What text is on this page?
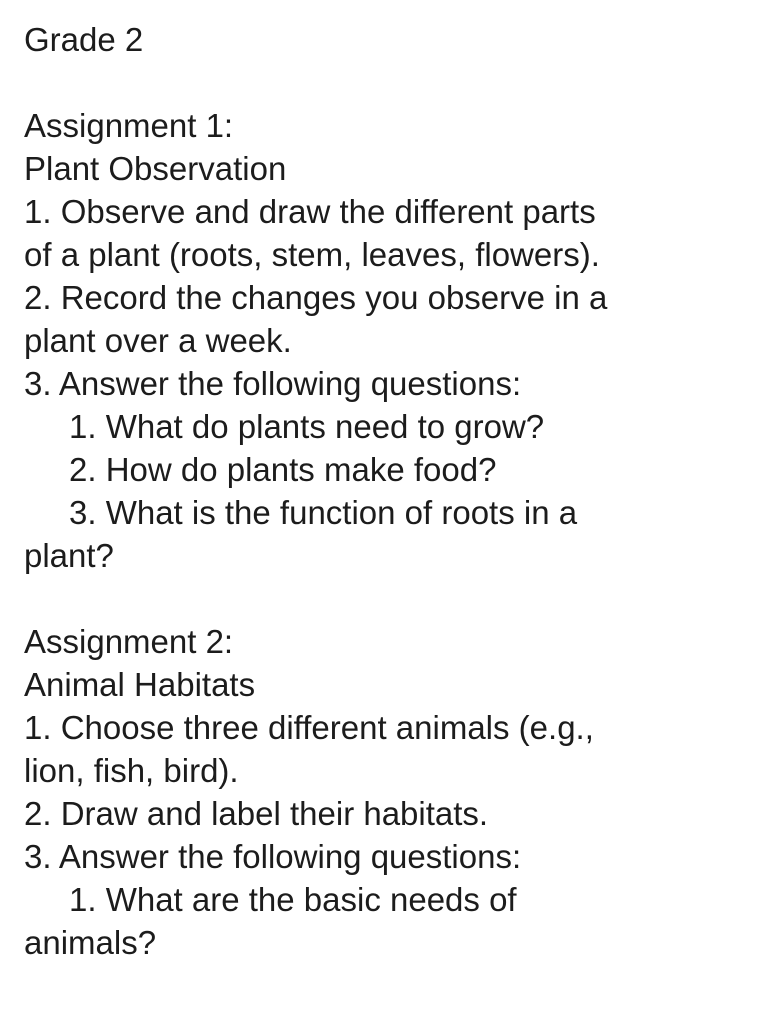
Grade 2
Assignment 1:
Plant Observation
1. Observe and draw the different parts
of a plant (roots, stem, leaves, flowers).
2. Record the changes you observe in a
plant over a week.
3. Answer the following questions:
1. What do plants need to grow?
2. How do plants make food?
3. What is the function of roots in a
plant?
Assignment 2:
Animal Habitats
1. Choose three different animals (e.g.,
lion, fish, bird).
2. Draw and label their habitats.
3. Answer the following questions:
1. What are the basic needs of
animals?
